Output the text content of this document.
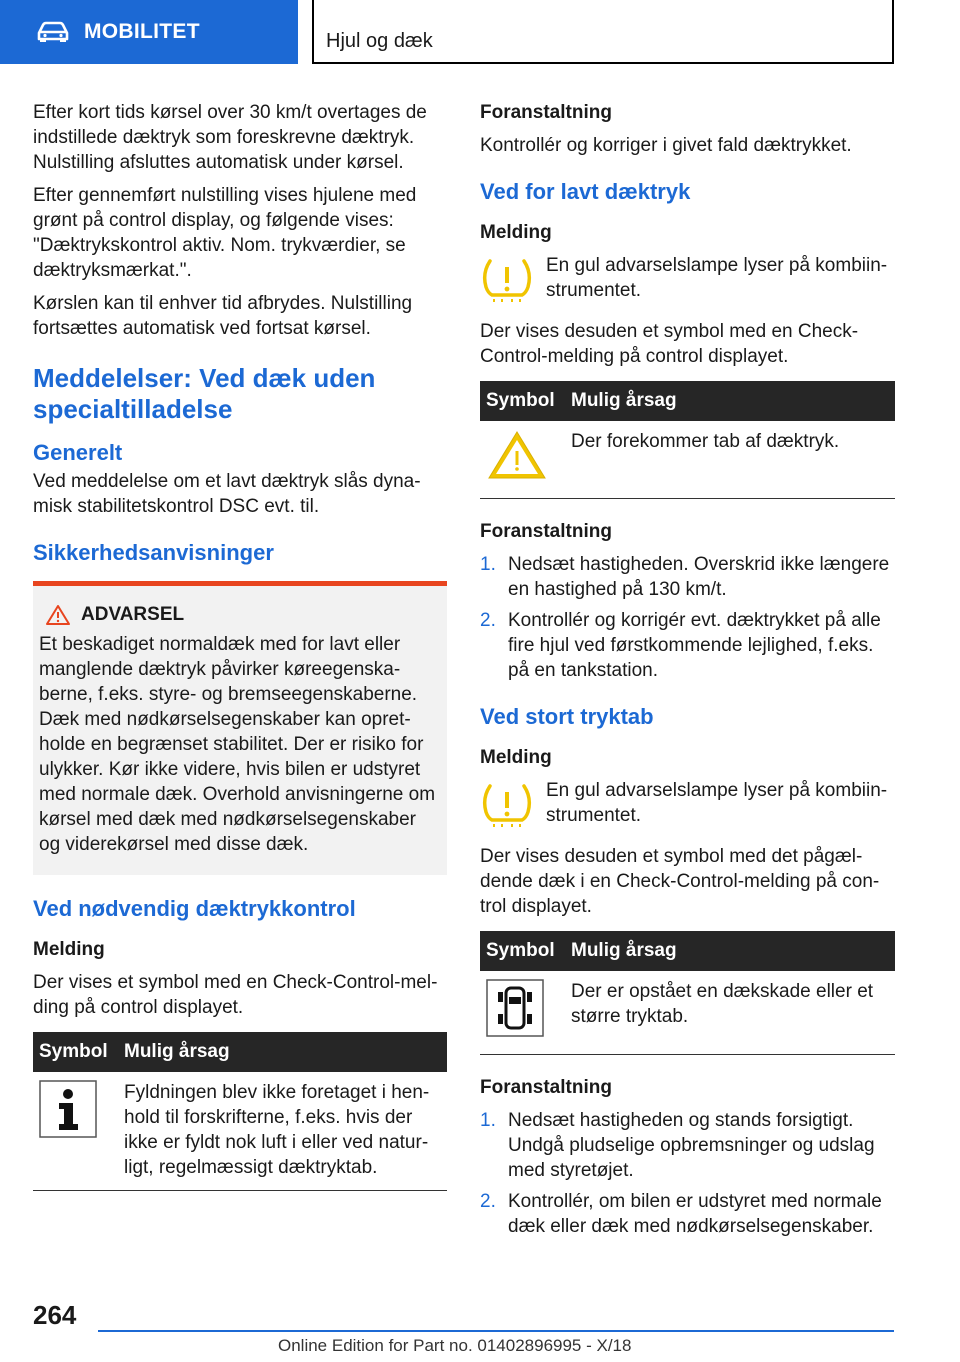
MOBILITET	Hjul og dæk

Efter kort tids kørsel over 30 km/t overtages de indstillede dæktryk som foreskrevne dæktryk. Nulstilling afsluttes automatisk under kørsel.

Efter gennemført nulstilling vises hjulene med grønt på control display, og følgende vises: "Dæktrykskontrol aktiv. Nom. trykværdier, se dæktryksmærkat.".

Kørslen kan til enhver tid afbrydes. Nulstilling fortsættes automatisk ved fortsat kørsel.

Meddelelser: Ved dæk uden specialtilladelse
Generelt

Ved meddelelse om et lavt dæktryk slås dynamisk stabilitetskontrol DSC evt. til.

Sikkerhedsanvisninger
ADVARSEL

Et beskadiget normaldæk med for lavt eller manglende dæktryk påvirker køreegenskaberne, f.eks. styre- og bremseegenskaberne. Dæk med nødkørselsegenskaber kan opretholde en begrænset stabilitet. Der er risiko for ulykker. Kør ikke videre, hvis bilen er udstyret med normale dæk. Overhold anvisningerne om kørsel med dæk med nødkørselsegenskaber og viderekørsel med disse dæk.

Ved nødvendig dæktrykkontrol
Melding

Der vises et symbol med en Check-Control-melding på control displayet.

Symbol	Mulig årsag
	Fyldningen blev ikke foretaget i henhold til forskrifterne, f.eks. hvis der ikke er fyldt nok luft i eller ved naturligt, regelmæssigt dæktryktab.
Foranstaltning

Kontrollér og korriger i givet fald dæktrykket.

Ved for lavt dæktryk
Melding

En gul advarselslampe lyser på kombiinstrumentet.

Der vises desuden et symbol med en Check-Control-melding på control displayet.

Symbol	Mulig årsag
	Der forekommer tab af dæktryk.
Foranstaltning
1. Nedsæt hastigheden. Overskrid ikke længere en hastighed på 130 km/t.
2. Kontrollér og korrigér evt. dæktrykket på alle fire hjul ved førstkommende lejlighed, f.eks. på en tankstation.
Ved stort tryktab
Melding

En gul advarselslampe lyser på kombiinstrumentet.

Der vises desuden et symbol med det pågældende dæk i en Check-Control-melding på control displayet.

Symbol	Mulig årsag
	Der er opstået en dækskade eller et større tryktab.
Foranstaltning
1. Nedsæt hastigheden og stands forsigtigt. Undgå pludselige opbremsninger og udslag med styretøjet.
2. Kontrollér, om bilen er udstyret med normale dæk eller dæk med nødkørselsegenskaber.
264
Online Edition for Part no. 01402896995 - X/18
